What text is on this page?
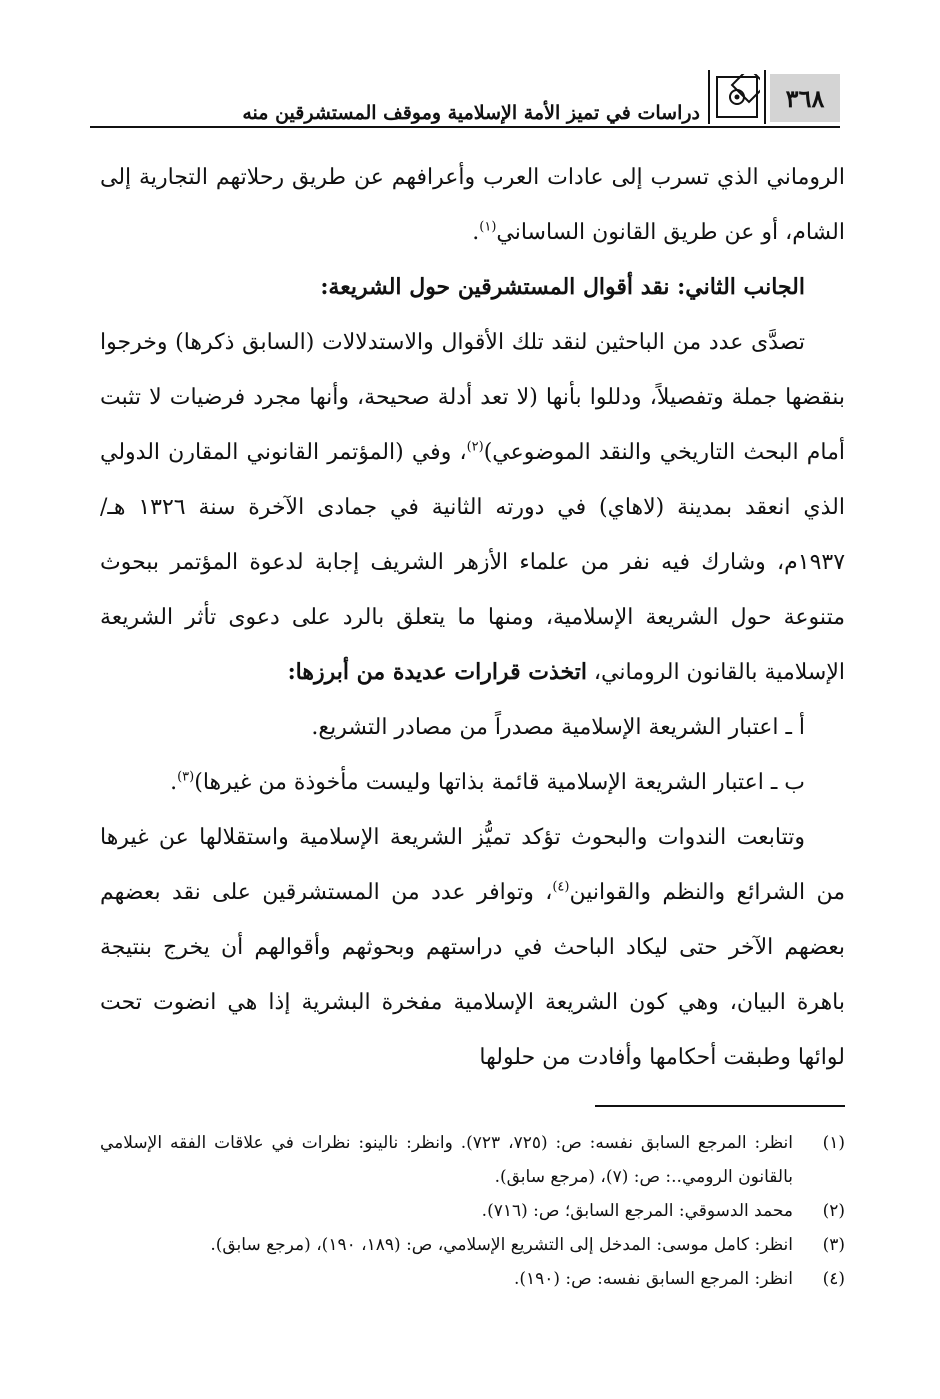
٣٦٨
دراسات في تميز الأمة الإسلامية وموقف المستشرقين منه

الروماني الذي تسرب إلى عادات العرب وأعرافهم عن طريق رحلاتهم التجارية إلى الشام، أو عن طريق القانون الساساني$^{(١)}$.

الجانب الثاني: نقد أقوال المستشرقين حول الشريعة:

تصدَّى عدد من الباحثين لنقد تلك الأقوال والاستدلالات (السابق ذكرها) وخرجوا بنقضها جملة وتفصيلاً، ودللوا بأنها (لا تعد أدلة صحيحة، وأنها مجرد فرضيات لا تثبت أمام البحث التاريخي والنقد الموضوعي)$^{(٢)}$، وفي (المؤتمر القانوني المقارن الدولي الذي انعقد بمدينة (لاهاي) في دورته الثانية في جمادى الآخرة سنة ١٣٢٦ هـ/ ١٩٣٧م، وشارك فيه نفر من علماء الأزهر الشريف إجابة لدعوة المؤتمر ببحوث متنوعة حول الشريعة الإسلامية، ومنها ما يتعلق بالرد على دعوى تأثر الشريعة الإسلامية بالقانون الروماني، اتخذت قرارات عديدة من أبرزها:

أ ـ اعتبار الشريعة الإسلامية مصدراً من مصادر التشريع.

ب ـ اعتبار الشريعة الإسلامية قائمة بذاتها وليست مأخوذة من غيرها)$^{(٣)}$.

وتتابعت الندوات والبحوث تؤكد تميُّز الشريعة الإسلامية واستقلالها عن غيرها من الشرائع والنظم والقوانين$^{(٤)}$، وتوافر عدد من المستشرقين على نقد بعضهم بعضهم الآخر حتى ليكاد الباحث في دراستهم وبحوثهم وأقوالهم أن يخرج بنتيجة باهرة البيان، وهي كون الشريعة الإسلامية مفخرة البشرية إذا هي انضوت تحت لوائها وطبقت أحكامها وأفادت من حلولها

(١)
انظر: المرجع السابق نفسه: ص: (٧٢٥، ٧٢٣). وانظر: نالينو: نظرات في علاقات الفقه الإسلامي بالقانون الرومي..: ص: (٧)، (مرجع سابق).
(٢)
محمد الدسوقي: المرجع السابق؛ ص: (٧١٦).
(٣)
انظر: كامل موسى: المدخل إلى التشريع الإسلامي، ص: (١٨٩، ١٩٠)، (مرجع سابق).
(٤)
انظر: المرجع السابق نفسه: ص: (١٩٠).
